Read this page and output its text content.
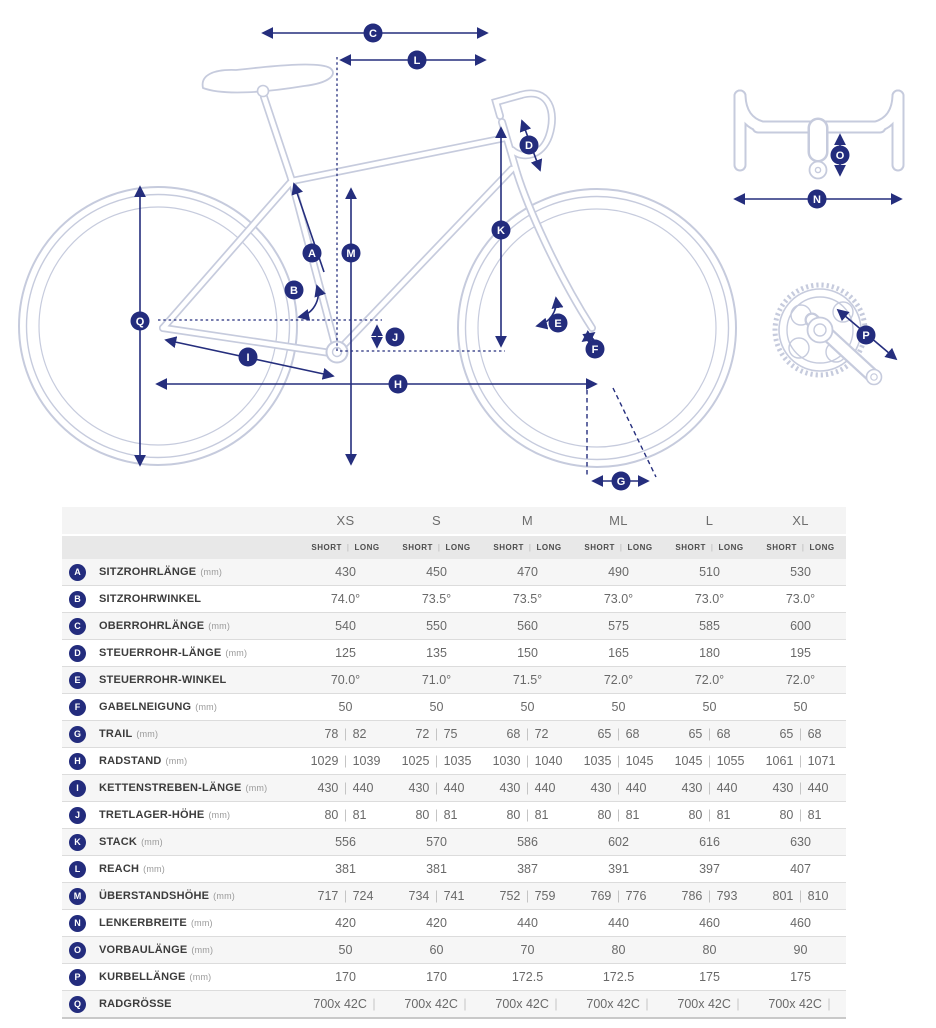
A
B
C
D
E
F
G
H
I
J
K
L
M
N
O
P
Q
XS	S	M	ML	L	XL
SHORT | LONG	SHORT | LONG	SHORT | LONG	SHORT | LONG	SHORT | LONG	SHORT | LONG
A	SITZROHRLÄNGE (mm)	430	450	470	490	510	530
B	SITZROHRWINKEL	74.0°	73.5°	73.5°	73.0°	73.0°	73.0°
C	OBERROHRLÄNGE (mm)	540	550	560	575	585	600
D	STEUERROHR-LÄNGE (mm)	125	135	150	165	180	195
E	STEUERROHR-WINKEL	70.0°	71.0°	71.5°	72.0°	72.0°	72.0°
F	GABELNEIGUNG (mm)	50	50	50	50	50	50
G	TRAIL (mm)	78 | 82	72 | 75	68 | 72	65 | 68	65 | 68	65 | 68
H	RADSTAND (mm)	1029 | 1039	1025 | 1035	1030 | 1040	1035 | 1045	1045 | 1055	1061 | 1071
I	KETTENSTREBEN-LÄNGE (mm)	430 | 440	430 | 440	430 | 440	430 | 440	430 | 440	430 | 440
J	TRETLAGER-HÖHE (mm)	80 | 81	80 | 81	80 | 81	80 | 81	80 | 81	80 | 81
K	STACK (mm)	556	570	586	602	616	630
L	REACH (mm)	381	381	387	391	397	407
M	ÜBERSTANDSHÖHE (mm)	717 | 724	734 | 741	752 | 759	769 | 776	786 | 793	801 | 810
N	LENKERBREITE (mm)	420	420	440	440	460	460
O	VORBAULÄNGE (mm)	50	60	70	80	80	90
P	KURBELLÄNGE (mm)	170	170	172.5	172.5	175	175
Q	RADGRÖSSE	700x 42C |	700x 42C |	700x 42C |	700x 42C |	700x 42C |	700x 42C |
